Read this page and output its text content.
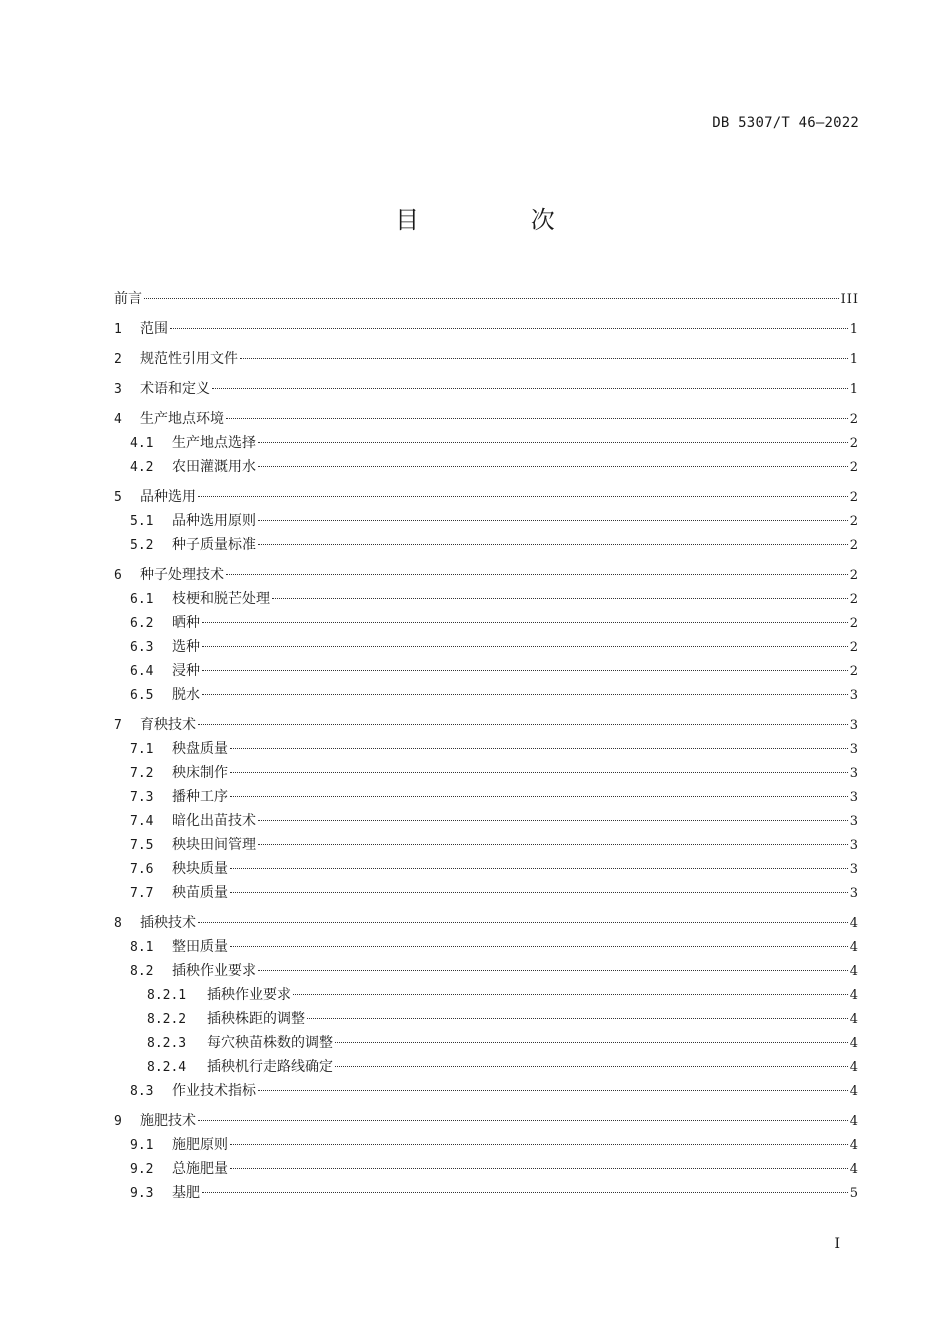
DB 5307/T 46—2022
目 次
前言	III
1 范围	1
2 规范性引用文件	1
3 术语和定义	1
4 生产地点环境	2
4.1	生产地点选择	2
4.2	农田灌溉用水	2
5 品种选用	2
5.1	品种选用原则	2
5.2	种子质量标准	2
6 种子处理技术	2
6.1	枝梗和脱芒处理	2
6.2	晒种	2
6.3	选种	2
6.4	浸种	2
6.5	脱水	3
7 育秧技术	3
7.1	秧盘质量	3
7.2	秧床制作	3
7.3	播种工序	3
7.4	暗化出苗技术	3
7.5	秧块田间管理	3
7.6	秧块质量	3
7.7	秧苗质量	3
8 插秧技术	4
8.1	整田质量	4
8.2	插秧作业要求	4
8.2.1	插秧作业要求	4
8.2.2	插秧株距的调整	4
8.2.3	每穴秧苗株数的调整	4
8.2.4	插秧机行走路线确定	4
8.3	作业技术指标	4
9 施肥技术	4
9.1	施肥原则	4
9.2	总施肥量	4
9.3	基肥	5
I
